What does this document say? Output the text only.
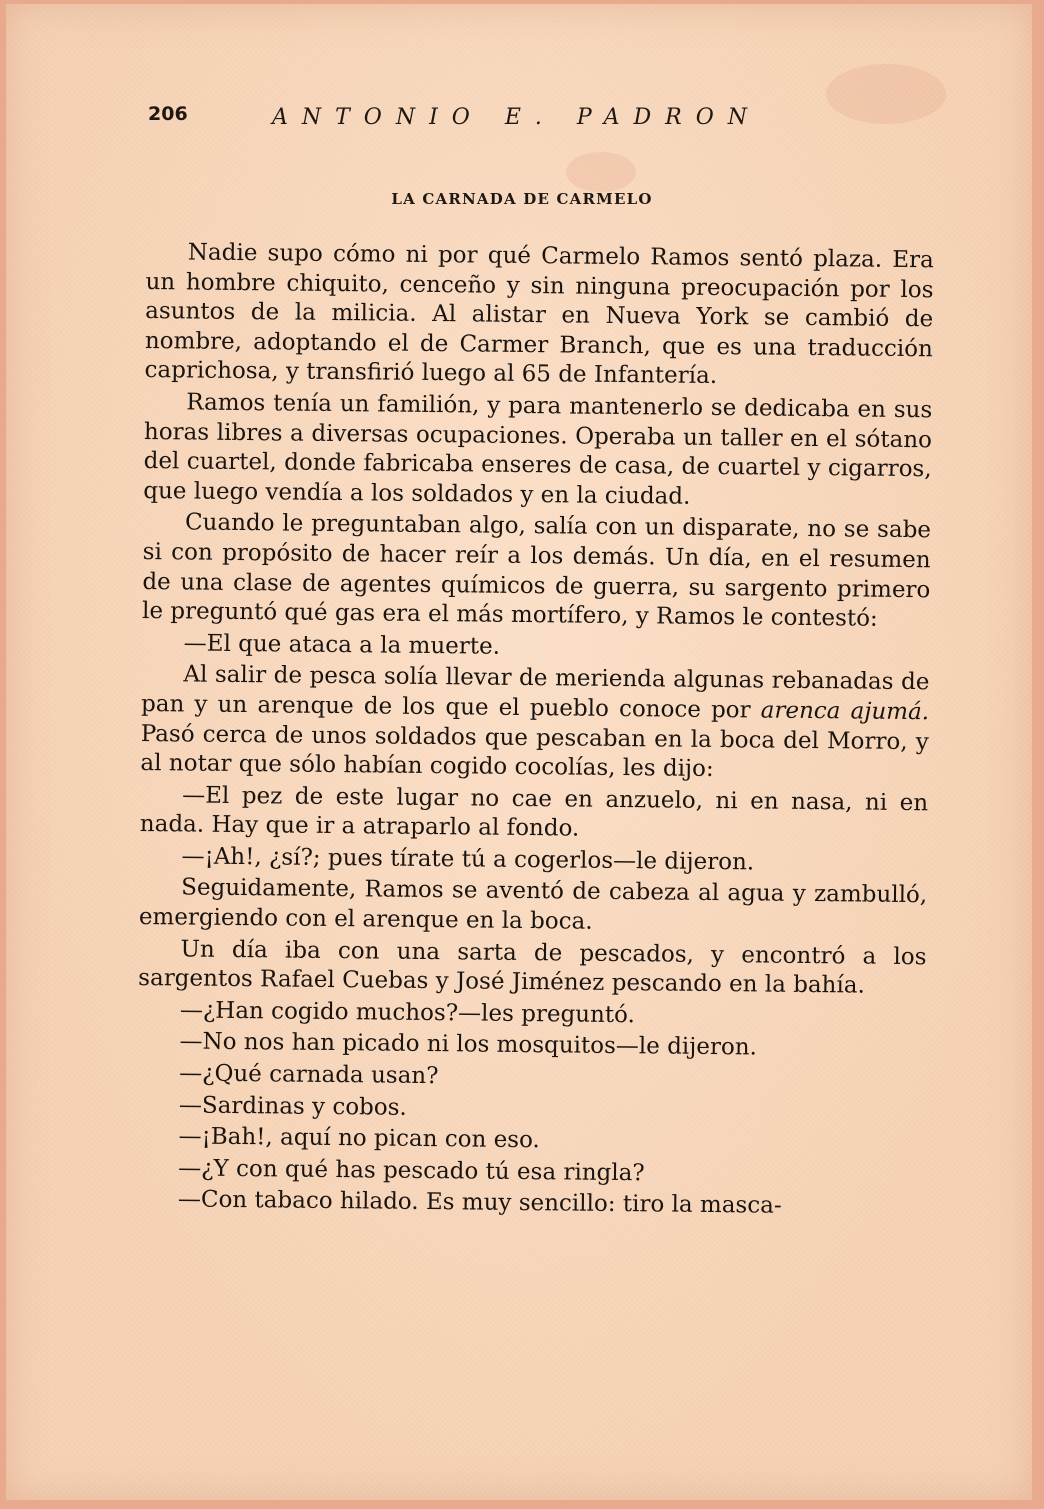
206	ANTONIO E. PADRON
LA CARNADA DE CARMELO

Nadie supo cómo ni por qué Carmelo Ramos sentó plaza. Era un hombre chiquito, cenceño y sin ninguna preocupación por los asuntos de la milicia. Al alistar en Nueva York se cambió de nombre, adoptando el de Carmer Branch, que es una traducción caprichosa, y transfirió luego al 65 de Infantería.

Ramos tenía un familión, y para mantenerlo se dedicaba en sus horas libres a diversas ocupaciones. Operaba un taller en el sótano del cuartel, donde fabricaba enseres de casa, de cuartel y cigarros, que luego vendía a los soldados y en la ciudad.

Cuando le preguntaban algo, salía con un disparate, no se sabe si con propósito de hacer reír a los demás. Un día, en el resumen de una clase de agentes químicos de guerra, su sargento primero le preguntó qué gas era el más mortífero, y Ramos le contestó:

—El que ataca a la muerte.

Al salir de pesca solía llevar de merienda algunas rebanadas de pan y un arenque de los que el pueblo conoce por arenca ajumá. Pasó cerca de unos soldados que pescaban en la boca del Morro, y al notar que sólo habían cogido cocolías, les dijo:

—El pez de este lugar no cae en anzuelo, ni en nasa, ni en nada. Hay que ir a atraparlo al fondo.

—¡Ah!, ¿sí?; pues tírate tú a cogerlos—le dijeron.

Seguidamente, Ramos se aventó de cabeza al agua y zambulló, emergiendo con el arenque en la boca.

Un día iba con una sarta de pescados, y encontró a los sargentos Rafael Cuebas y José Jiménez pescando en la bahía.

—¿Han cogido muchos?—les preguntó.

—No nos han picado ni los mosquitos—le dijeron.

—¿Qué carnada usan?

—Sardinas y cobos.

—¡Bah!, aquí no pican con eso.

—¿Y con qué has pescado tú esa ringla?

—Con tabaco hilado. Es muy sencillo: tiro la masca-
